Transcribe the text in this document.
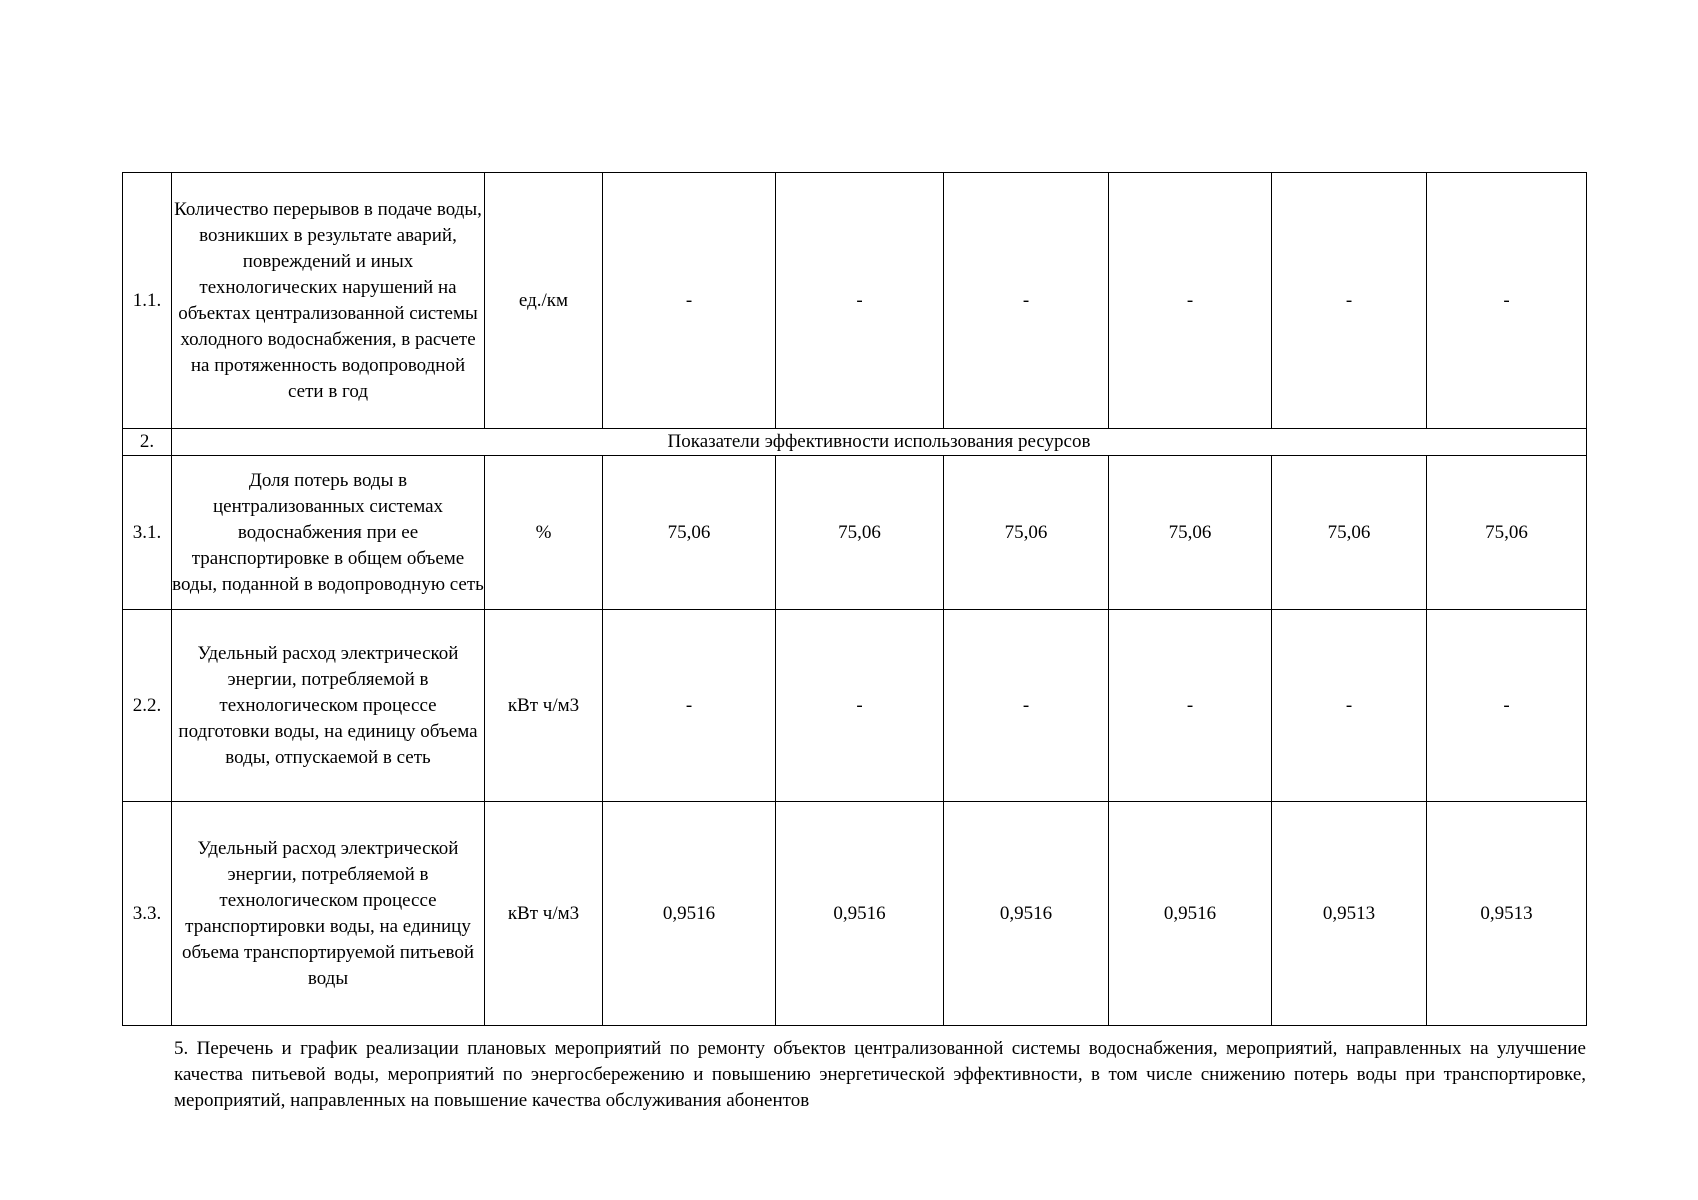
1.1.	Количество перерывов в подаче воды, возникших в результате аварий, повреждений и иных технологических нарушений на объектах централизованной системы холодного водоснабжения, в расчете на протяженность водопроводной сети в год	ед./км	-	-	-	-	-	-
2.	Показатели эффективности использования ресурсов							
3.1.	Доля потерь воды в централизованных системах водоснабжения при ее транспортировке в общем объеме воды, поданной в водопроводную сеть	%	75,06	75,06	75,06	75,06	75,06	75,06
2.2.	Удельный расход электрической энергии, потребляемой в технологическом процессе подготовки воды, на единицу объема воды, отпускаемой в сеть	кВт ч/м3	-	-	-	-	-	-
3.3.	Удельный расход электрической энергии, потребляемой в технологическом процессе транспортировки воды, на единицу объема транспортируемой питьевой воды	кВт ч/м3	0,9516	0,9516	0,9516	0,9516	0,9513	0,9513
5. Перечень и график реализации плановых мероприятий по ремонту объектов централизованной системы водоснабжения, мероприятий, направленных на улучшение качества питьевой воды, мероприятий по энергосбережению и повышению энергетической эффективности, в том числе снижению потерь воды при транспортировке, мероприятий, направленных на повышение качества обслуживания абонентов
